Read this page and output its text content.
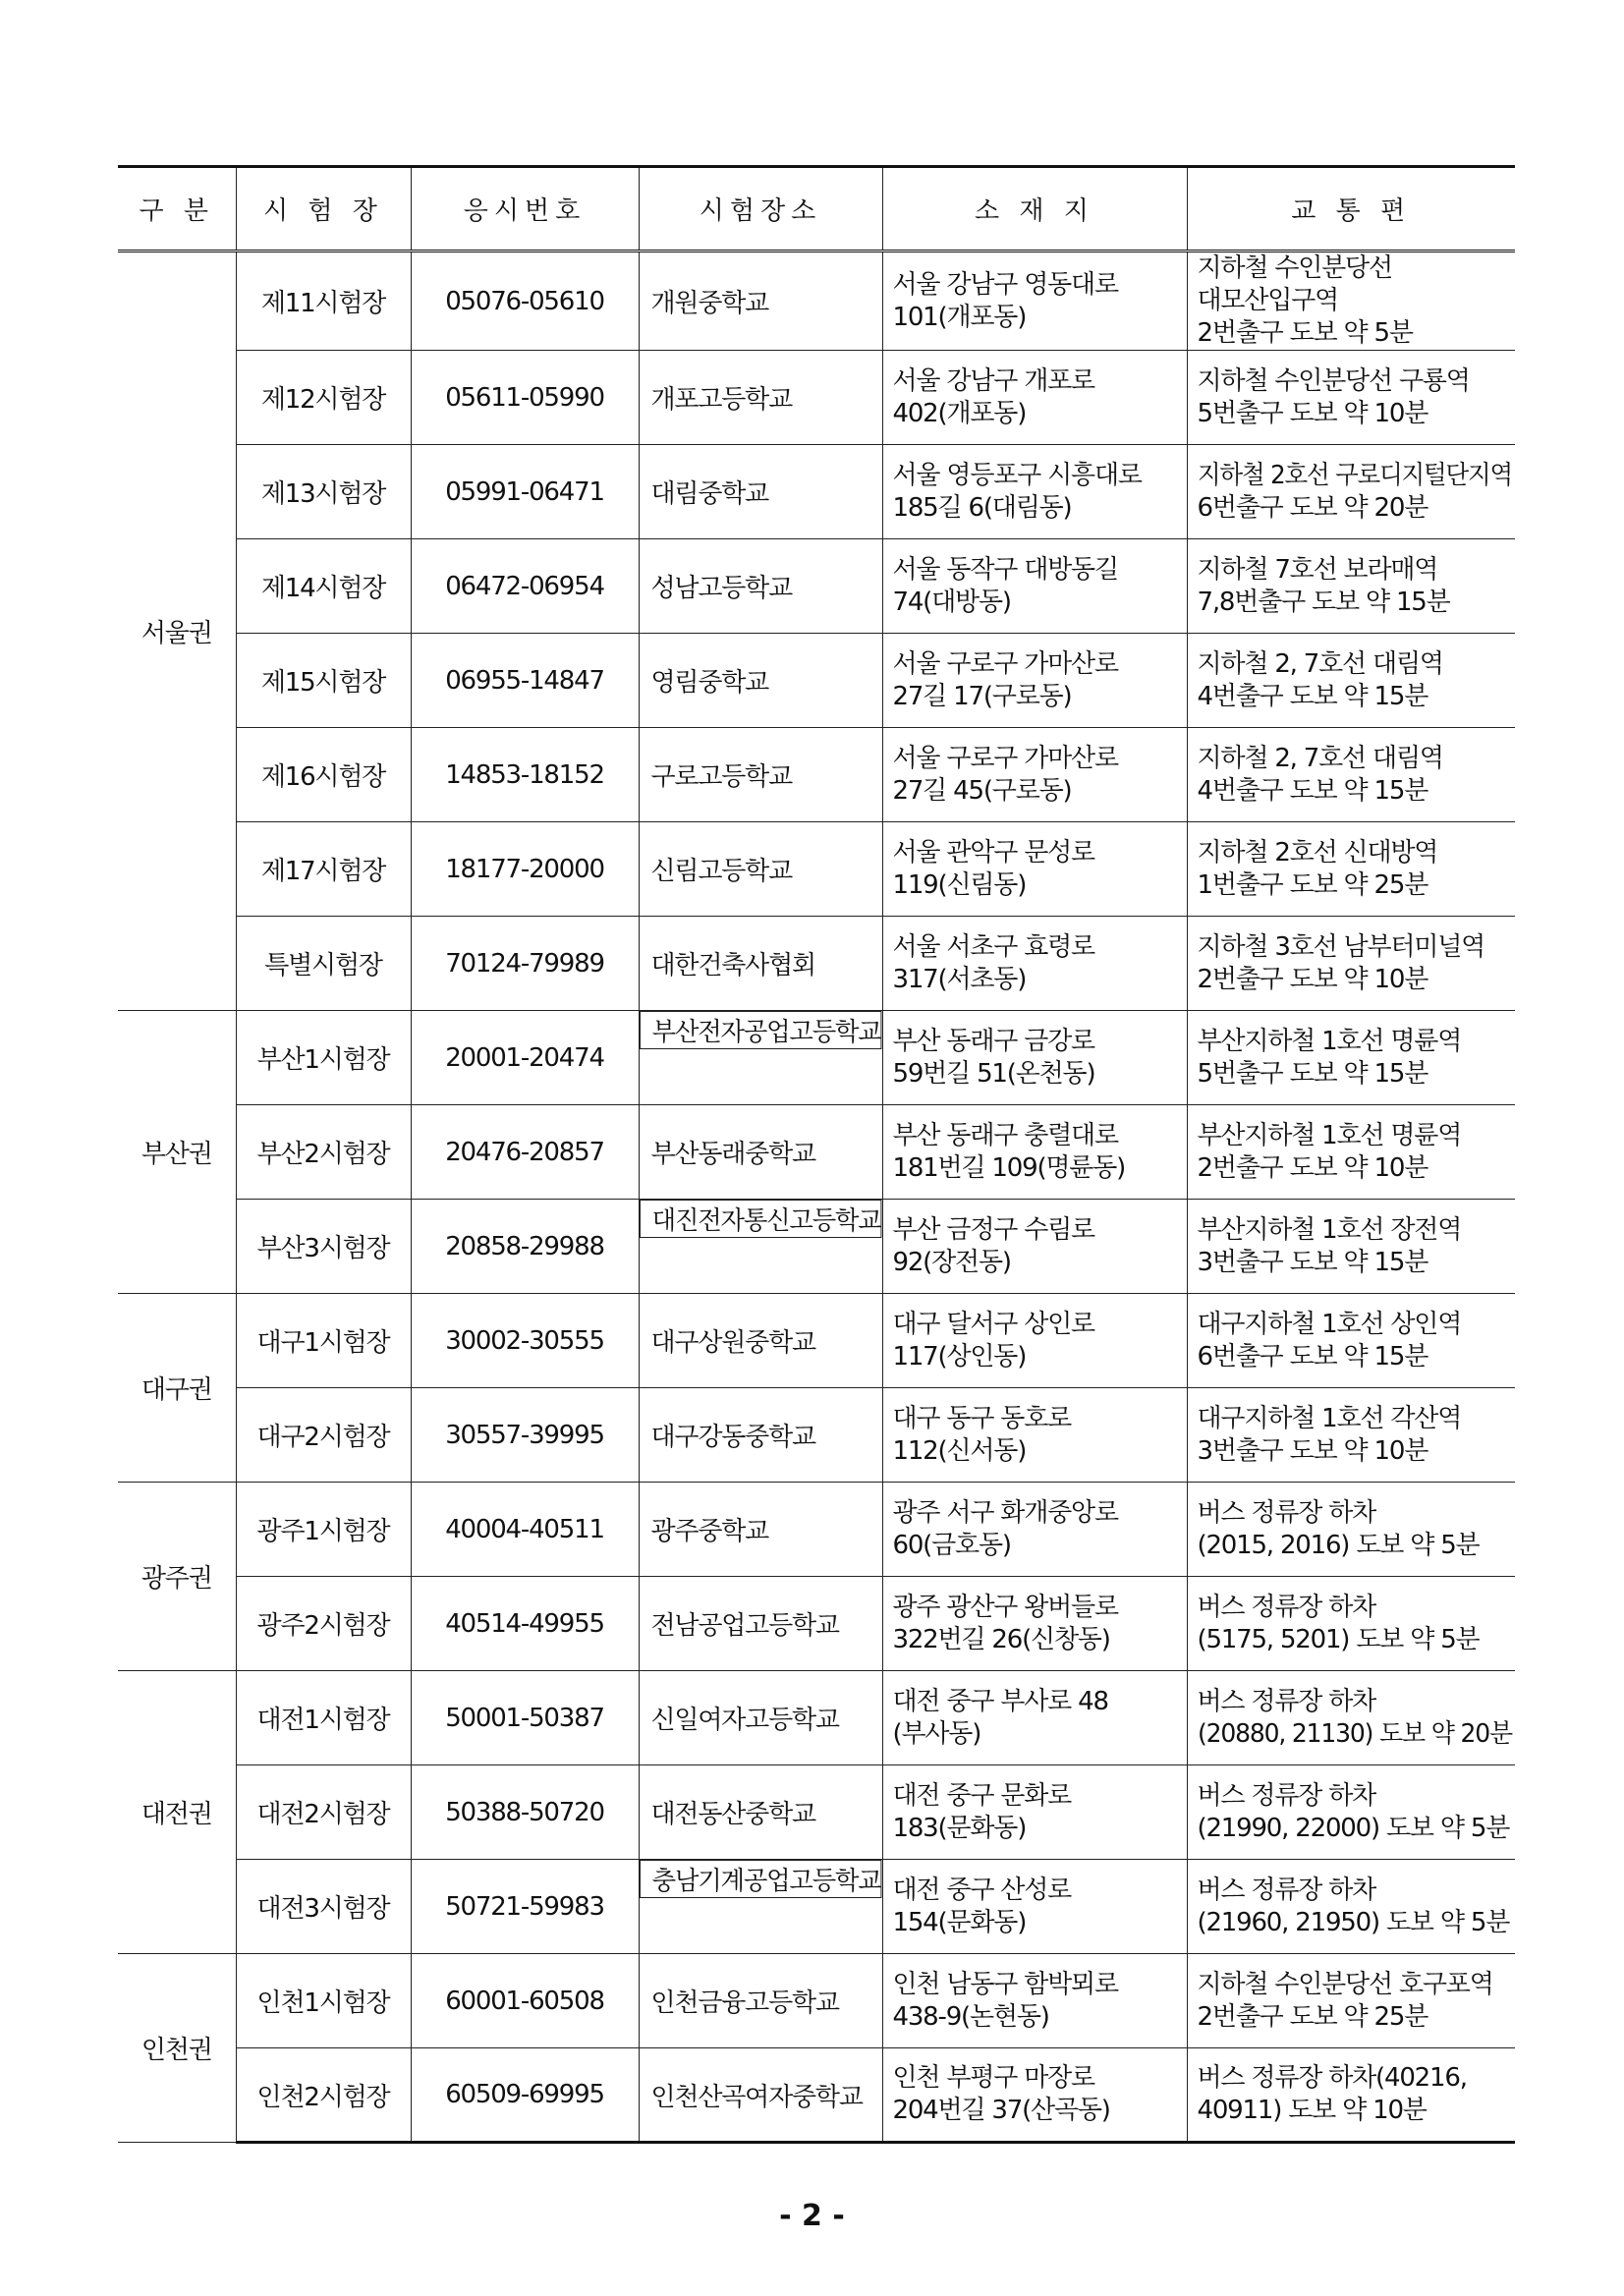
구 분	시 험 장	응시번호	시험장소	소 재 지	교 통 편
서울권	제11시험장	05076-05610	개원중학교	서울 강남구 영동대로
101(개포동)	지하철 수인분당선
대모산입구역
2번출구 도보 약 5분

	제12시험장	05611-05990	개포고등학교	서울 강남구 개포로
402(개포동)	지하철 수인분당선 구룡역
5번출구 도보 약 10분

	제13시험장	05991-06471	대림중학교	서울 영등포구 시흥대로
185길 6(대림동)	지하철 2호선 구로디지털단지역
6번출구 도보 약 20분

	제14시험장	06472-06954	성남고등학교	서울 동작구 대방동길
74(대방동)	지하철 7호선 보라매역
7,8번출구 도보 약 15분

	제15시험장	06955-14847	영림중학교	서울 구로구 가마산로
27길 17(구로동)	지하철 2, 7호선 대림역
4번출구 도보 약 15분

	제16시험장	14853-18152	구로고등학교	서울 구로구 가마산로
27길 45(구로동)	지하철 2, 7호선 대림역
4번출구 도보 약 15분

	제17시험장	18177-20000	신림고등학교	서울 관악구 문성로
119(신림동)	지하철 2호선 신대방역
1번출구 도보 약 25분

	특별시험장	70124-79989	대한건축사협회	서울 서초구 효령로
317(서초동)	지하철 3호선 남부터미널역
2번출구 도보 약 10분

부산권	부산1시험장	20001-20474	부산전자공업고등학교 부산 동래구 금강로
59번길 51(온천동)	부산지하철 1호선 명륜역
5번출구 도보 약 15분

	부산2시험장	20476-20857	부산동래중학교	부산 동래구 충렬대로
181번길 109(명륜동)	부산지하철 1호선 명륜역
2번출구 도보 약 10분

	부산3시험장	20858-29988	대진전자통신고등학교 부산 금정구 수림로
92(장전동)	부산지하철 1호선 장전역
3번출구 도보 약 15분

대구권	대구1시험장	30002-30555	대구상원중학교	대구 달서구 상인로
117(상인동)	대구지하철 1호선 상인역
6번출구 도보 약 15분

	대구2시험장	30557-39995	대구강동중학교	대구 동구 동호로
112(신서동)	대구지하철 1호선 각산역
3번출구 도보 약 10분

광주권	광주1시험장	40004-40511	광주중학교	광주 서구 화개중앙로
60(금호동)	버스 정류장 하차
(2015, 2016) 도보 약 5분

	광주2시험장	40514-49955	전남공업고등학교	광주 광산구 왕버들로
322번길 26(신창동)	버스 정류장 하차
(5175, 5201) 도보 약 5분

대전권	대전1시험장	50001-50387	신일여자고등학교	대전 중구 부사로 48
(부사동)	버스 정류장 하차
(20880, 21130) 도보 약 20분
	대전2시험장	50388-50720	대전동산중학교	대전 중구 문화로
183(문화동)	버스 정류장 하차
(21990, 22000) 도보 약 5분

	대전3시험장	50721-59983	충남기계공업고등학교 대전 중구 산성로
154(문화동)	버스 정류장 하차
(21960, 21950) 도보 약 5분

인천권	인천1시험장	60001-60508	인천금융고등학교	인천 남동구 함박뫼로
438-9(논현동)	지하철 수인분당선 호구포역
2번출구 도보 약 25분

	인천2시험장	60509-69995	인천산곡여자중학교	인천 부평구 마장로
204번길 37(산곡동)	버스 정류장 하차(40216,
40911) 도보 약 10분
- 2 -
